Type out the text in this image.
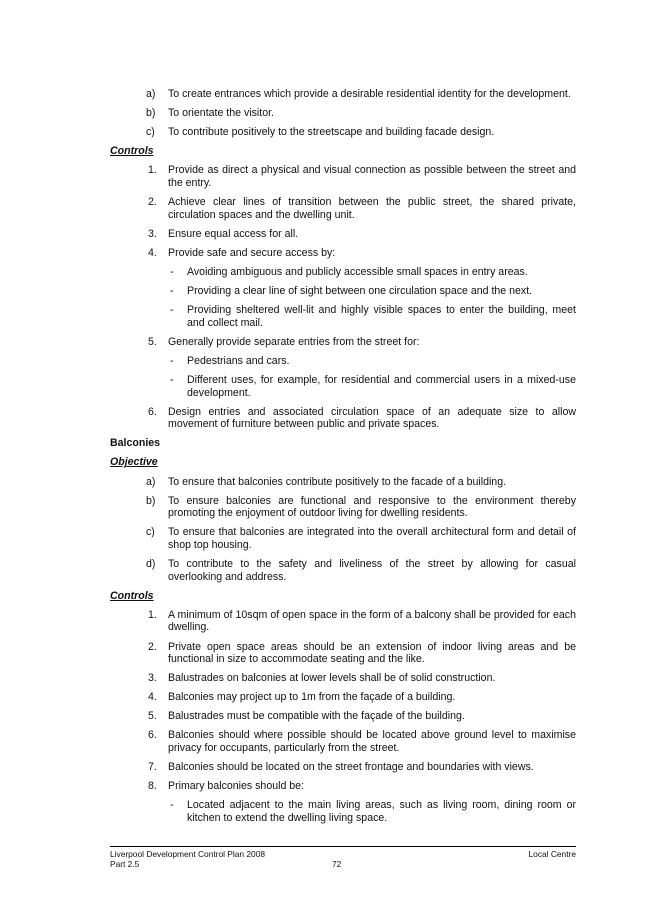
a)	To create entrances which provide a desirable residential identity for the development.
b)	To orientate the visitor.
c)	To contribute positively to the streetscape and building facade design.
Controls
1.	Provide as direct a physical and visual connection as possible between the street and the entry.
2.	Achieve clear lines of transition between the public street, the shared private, circulation spaces and the dwelling unit.
3.	Ensure equal access for all.
4.	Provide safe and secure access by:
- Avoiding ambiguous and publicly accessible small spaces in entry areas.
- Providing a clear line of sight between one circulation space and the next.
- Providing sheltered well-lit and highly visible spaces to enter the building, meet and collect mail.
5.	Generally provide separate entries from the street for:
- Pedestrians and cars.
- Different uses, for example, for residential and commercial users in a mixed-use development.
6.	Design entries and associated circulation space of an adequate size to allow movement of furniture between public and private spaces.
Balconies
Objective
a)	To ensure that balconies contribute positively to the facade of a building.
b)	To ensure balconies are functional and responsive to the environment thereby promoting the enjoyment of outdoor living for dwelling residents.
c)	To ensure that balconies are integrated into the overall architectural form and detail of shop top housing.
d)	To contribute to the safety and liveliness of the street by allowing for casual overlooking and address.
Controls
1.	A minimum of 10sqm of open space in the form of a balcony shall be provided for each dwelling.
2.	Private open space areas should be an extension of indoor living areas and be functional in size to accommodate seating and the like.
3.	Balustrades on balconies at lower levels shall be of solid construction.
4.	Balconies may project up to 1m from the façade of a building.
5.	Balustrades must be compatible with the façade of the building.
6.	Balconies should where possible should be located above ground level to maximise privacy for occupants, particularly from the street.
7.	Balconies should be located on the street frontage and boundaries with views.
8.	Primary balconies should be:
- Located adjacent to the main living areas, such as living room, dining room or kitchen to extend the dwelling living space.
Liverpool Development Control Plan 2008	Local Centre
Part 2.5	72
